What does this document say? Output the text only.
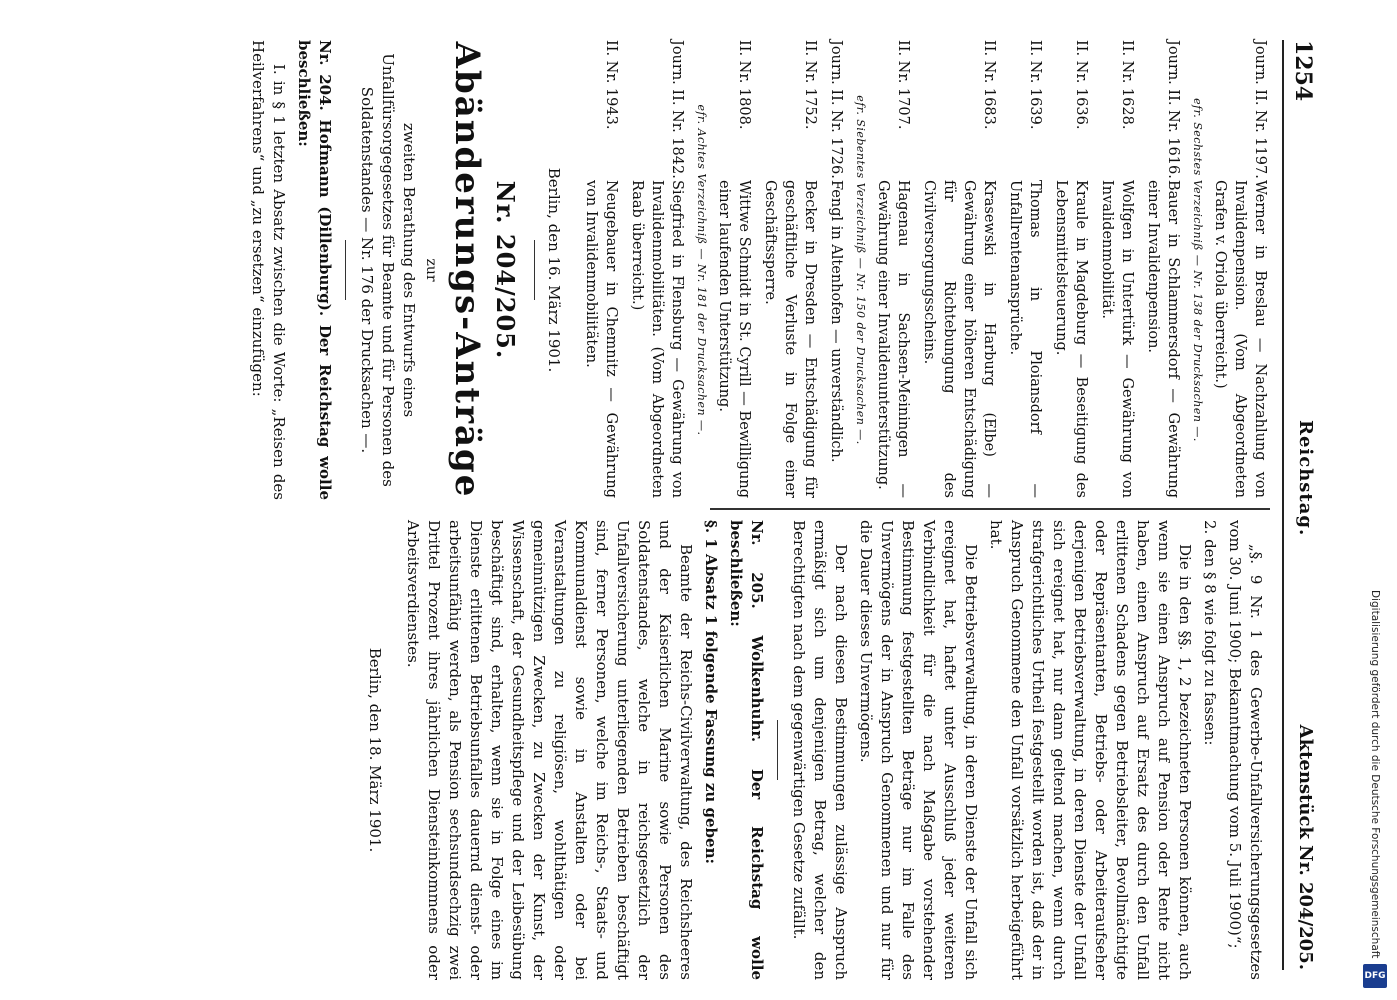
1254
Reichstag.
Aktenstück Nr. 204/205.
Journ. II. Nr. 1197.Werner in Breslau — Nachzahlung von Invalidenpension. (Vom Abgeordneten Grafen v. Oriola überreicht.)
efr. Sechstes Verzeichniß — Nr. 138 der Drucksachen —.
Journ. II. Nr. 1616.Bauer in Schlammersdorf — Gewährung einer Invalidenpension.
II. Nr. 1628.Wolfgen in Untertürk — Gewährung von Invalidenmobilität.
II. Nr. 1636.Kraule in Magdeburg — Beseitigung des Lebensmittelsteuerung.
II. Nr. 1639.Thomas in Ploiansdorf — Unfallrentenansprüche.
II. Nr. 1683.Krasewski in Harburg (Elbe) — Gewährung einer höheren Entschädigung für Richtebungung des Civilversorgungsscheins.
II. Nr. 1707.Hagenau in Sachsen-Meiningen — Gewährung einer Invalidenunterstützung.
efr. Siebentes Verzeichniß — Nr. 150 der Drucksachen —.
Journ. II. Nr. 1726.Fengl in Altenhofen — unverständlich.
II. Nr. 1752.Becker in Dresden — Entschädigung für geschäftliche Verluste in Folge einer Geschäftssperre.
II. Nr. 1808.Wittwe Schmidt in St. Cyrill — Bewilligung einer laufenden Unterstützung.
efr. Achtes Verzeichniß — Nr. 181 der Drucksachen —.
Journ. II. Nr. 1842.Siegfried in Flensburg — Gewährung von Invalidenmobilitäten. (Vom Abgeordneten Raab überreicht.)
II. Nr. 1943.Neugebauer in Chemnitz — Gewährung von Invalidenmobilitäten.
Berlin, den 16. März 1901.
Nr. 204/205.
Abänderungs-Anträge
zur
zweiten Berathung des Entwurfs eines Unfallfürsorgegesetzes für Beamte und für Personen des Soldatenstandes — Nr. 176 der Drucksachen —.
Nr. 204. Hofmann (Dillenburg). Der Reichstag wolle beschließen:
I. in § 1 letzten Absatz zwischen die Worte: „Reisen des Heilverfahrens“ und „zu ersetzen“ einzufügen:
„§. 9 Nr. 1 des Gewerbe-Unfallversicherungsgesetzes vom 30. Juni 1900; Bekanntmachung vom 5. Juli 1900)“;
2. den § 8 wie folgt zu fassen:
Die in den §§. 1, 2 bezeichneten Personen können, auch wenn sie einen Anspruch auf Pension oder Rente nicht haben, einen Anspruch auf Ersatz des durch den Unfall erlittenen Schadens gegen Betriebsleiter, Bevollmächtigte oder Repräsentanten, Betriebs- oder Arbeiteraufseher derjenigen Betriebsverwaltung, in deren Dienste der Unfall sich ereignet hat, nur dann geltend machen, wenn durch strafgerichtliches Urtheil festgestellt worden ist, daß der in Anspruch Genommene den Unfall vorsätzlich herbeigeführt hat.
Die Betriebsverwaltung, in deren Dienste der Unfall sich ereignet hat, haftet unter Ausschluß jeder weiteren Verbindlichkeit für die nach Maßgabe vorstehender Bestimmung festgestellten Beträge nur im Falle des Unvermögens der in Anspruch Genommenen und nur für die Dauer dieses Unvermögens.
Der nach diesen Bestimmungen zulässige Anspruch ermäßigt sich um denjenigen Betrag, welcher den Berechtigten nach dem gegenwärtigen Gesetze zufällt.
Nr. 205. Wolkenhuhr. Der Reichstag wolle beschließen:
§. 1 Absatz 1 folgende Fassung zu geben:
Beamte der Reichs-Civilverwaltung, des Reichsheeres und der Kaiserlichen Marine sowie Personen des Soldatenstandes, welche in reichsgesetzlich der Unfallversicherung unterliegenden Betrieben beschäftigt sind, ferner Personen, welche im Reichs-, Staats- und Kommunaldienst sowie in Anstalten oder bei Veranstaltungen zu religiösen, wohlthätigen oder gemeinnützigen Zwecken, zu Zwecken der Kunst, der Wissenschaft, der Gesundheitspflege und der Leibesübung beschäftigt sind, erhalten, wenn sie in Folge eines im Dienste erlittenen Betriebsunfalles dauernd dienst- oder arbeitsunfähig werden, als Pension sechsundsechzig zwei Drittel Prozent ihres jährlichen Diensteinkommens oder Arbeitsverdienstes.
Berlin, den 18. März 1901.	Digitalisierung gefördert durch die Deutsche Forschungsgemeinschaft
DFG
